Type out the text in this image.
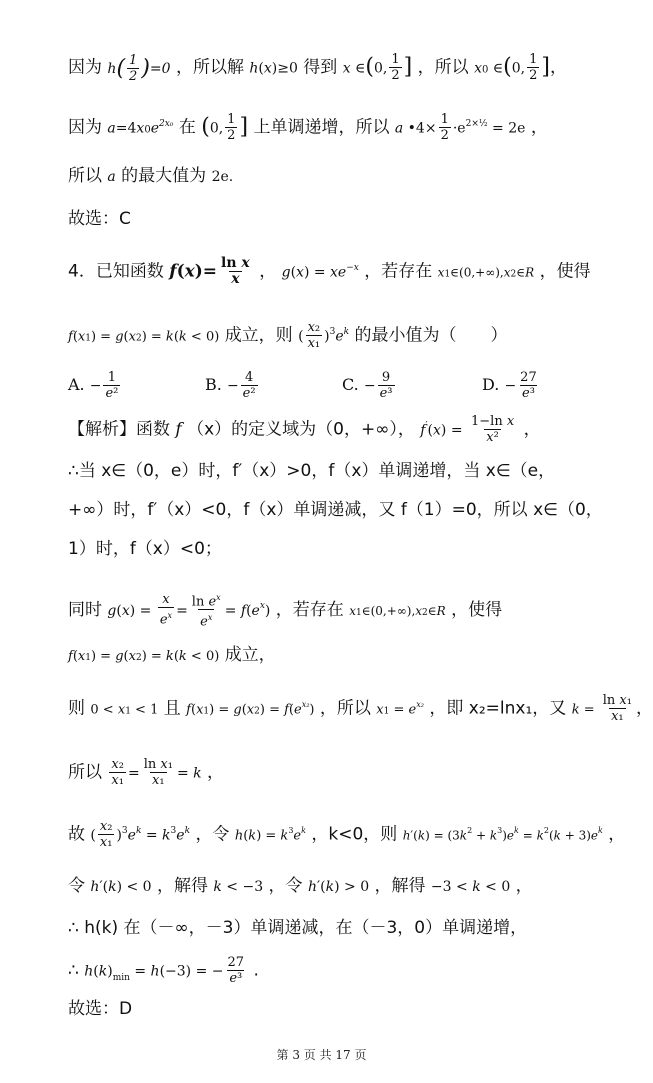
因为 $h( \frac{1}{2} )=0$ ，所以解 h(x)≥0 得到 x ∈(0, $\frac{1}{2}$ ] ，所以 x0 ∈(0, $\frac{1}{2}$ ]，
因为 $a=4x0e^{2x_0}$ 在 (0, $\frac{1}{2}$ ] 上单调递增，所以 a •4× $\frac{1}{2} \cdot e^{2\times\frac{1}{2}} = 2e$ ，
所以 a 的最大值为 2e.
故选：C
4．已知函数 $f(x)= \frac{\text{ln x}}{x}$ ， $g(x) = xe^{-x}$ ，若存在 x1∈(0,+∞),x2∈R ，使得
f(x1) = g(x2) = k(k < 0) 成立，则 ( $\frac{\text{x₂}}{\text{x₁}} )^3e^k$ 的最小值为（　　）
A. − $\frac{1}{\text{e²}}$	B. − $\frac{4}{\text{e²}}$	C. − $\frac{9}{\text{e³}}$	D. − $\frac{27}{\text{e³}}$
【解析】函数 f （x）的定义域为（0，+∞）， $f'(x) = \frac{\text{1−ln x}}{\text{x²}}$ ，
∴当 x∈（0，e）时，f′（x）>0，f（x）单调递增，当 x∈（e，
+∞）时，f′（x）<0，f（x）单调递减，又 f（1）=0，所以 x∈（0，
1）时，f（x）<0；
同时 $g(x) = \frac{x}{e^x} = \frac{\ln e^x}{e^x} = f(e^x)$ ，若存在 x1∈(0,+∞),x2∈R ，使得
f(x1) = g(x2) = k(k < 0) 成立，
则 0 < x1 < 1 且 $f(x1) = g(x2) = f(e^{x_2})$ ，所以 $x1 = e^{x_2}$ ，即 x₂=lnx₁，又 $k = \frac{\text{ln x₁}}{\text{x₁}}$ ，
所以 $\frac{\text{x₂}}{\text{x₁}} = \frac{\text{ln x₁}}{\text{x₁}} = k$ ，
故 ( $\frac{\text{x₂}}{\text{x₁}} )^3e^k = k^3e^k$ ，令 $h(k) = k^3e^k$ ，k<0，则 $h'(k) = (3k^2 + k^3)e^k = k^2(k + 3)e^k$ ，
令 h′(k) < 0 ，解得 k < −3 ，令 h′(k) > 0 ，解得 −3 < k < 0 ，
∴ h(k) 在（－∞，－3）单调递减，在（－3，0）单调递增，
∴ $h(k)_{min} = h(-3)$ = − $\frac{27}{\text{e³}}$ .
故选：D
第 3 页 共 17 页
